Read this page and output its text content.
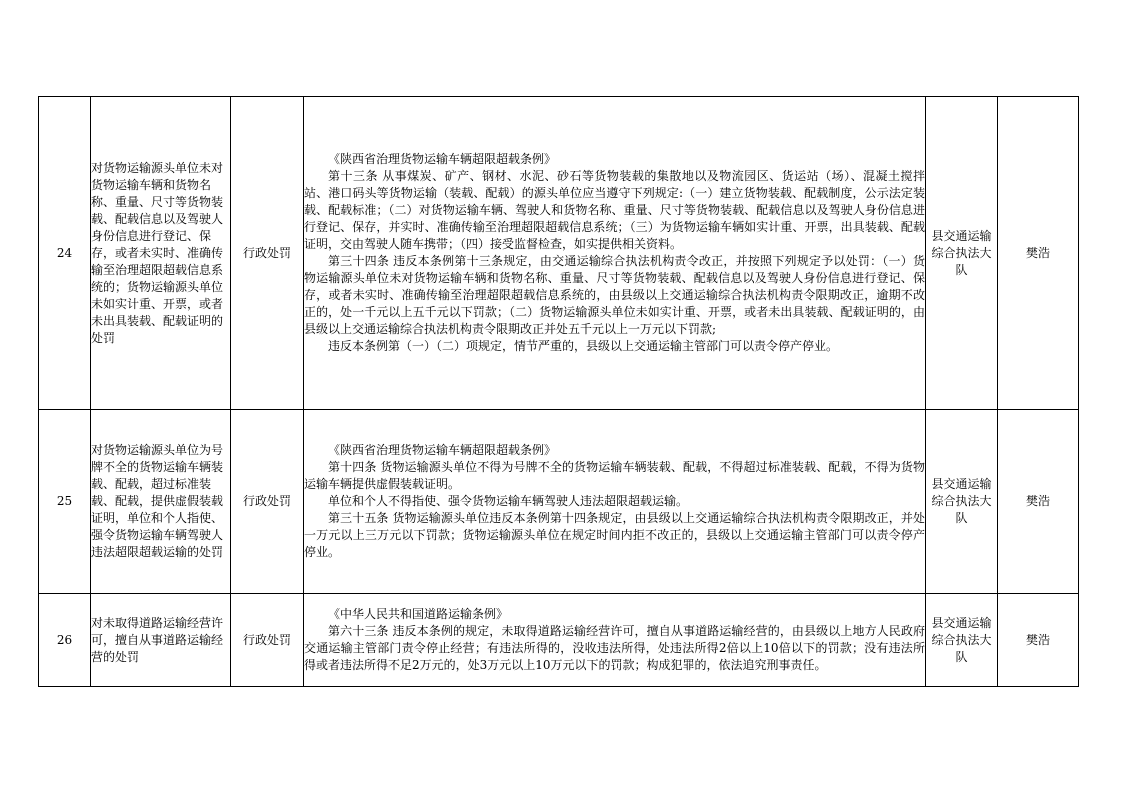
24	对货物运输源头单位未对货物运输车辆和货物名称、重量、尺寸等货物装载、配载信息以及驾驶人身份信息进行登记、保存，或者未实时、准确传输至治理超限超载信息系统的；货物运输源头单位未如实计重、开票，或者未出具装载、配载证明的处罚	行政处罚	《陕西省治理货物运输车辆超限超载条例》
第十三条 从事煤炭、矿产、钢材、水泥、砂石等货物装载的集散地以及物流园区、货运站（场）、混凝土搅拌站、港口码头等货物运输（装载、配载）的源头单位应当遵守下列规定:（一）建立货物装载、配载制度，公示法定装载、配载标准；（二）对货物运输车辆、驾驶人和货物名称、重量、尺寸等货物装载、配载信息以及驾驶人身份信息进行登记、保存，并实时、准确传输至治理超限超载信息系统；（三）为货物运输车辆如实计重、开票，出具装载、配载证明，交由驾驶人随车携带；（四）接受监督检查，如实提供相关资料。
第三十四条 违反本条例第十三条规定，由交通运输综合执法机构责令改正，并按照下列规定予以处罚：（一）货物运输源头单位未对货物运输车辆和货物名称、重量、尺寸等货物装载、配载信息以及驾驶人身份信息进行登记、保存，或者未实时、准确传输至治理超限超载信息系统的，由县级以上交通运输综合执法机构责令限期改正，逾期不改正的，处一千元以上五千元以下罚款；（二）货物运输源头单位未如实计重、开票，或者未出具装载、配载证明的，由县级以上交通运输综合执法机构责令限期改正并处五千元以上一万元以下罚款;
违反本条例第（一）（二）项规定，情节严重的，县级以上交通运输主管部门可以责令停产停业。	县交通运输综合执法大队	樊浩
25	对货物运输源头单位为号牌不全的货物运输车辆装载、配载，超过标准装载、配载，提供虚假装载证明，单位和个人指使、强令货物运输车辆驾驶人违法超限超载运输的处罚	行政处罚	《陕西省治理货物运输车辆超限超载条例》
第十四条 货物运输源头单位不得为号牌不全的货物运输车辆装载、配载，不得超过标准装载、配载，不得为货物运输车辆提供虚假装载证明。
单位和个人不得指使、强令货物运输车辆驾驶人违法超限超载运输。
第三十五条 货物运输源头单位违反本条例第十四条规定，由县级以上交通运输综合执法机构责令限期改正，并处一万元以上三万元以下罚款；货物运输源头单位在规定时间内拒不改正的，县级以上交通运输主管部门可以责令停产停业。	县交通运输综合执法大队	樊浩
26	对未取得道路运输经营许可，擅自从事道路运输经营的处罚	行政处罚	《中华人民共和国道路运输条例》
第六十三条 违反本条例的规定，未取得道路运输经营许可，擅自从事道路运输经营的，由县级以上地方人民政府交通运输主管部门责令停止经营；有违法所得的，没收违法所得，处违法所得2倍以上10倍以下的罚款；没有违法所得或者违法所得不足2万元的，处3万元以上10万元以下的罚款；构成犯罪的，依法追究刑事责任。	县交通运输综合执法大队	樊浩
